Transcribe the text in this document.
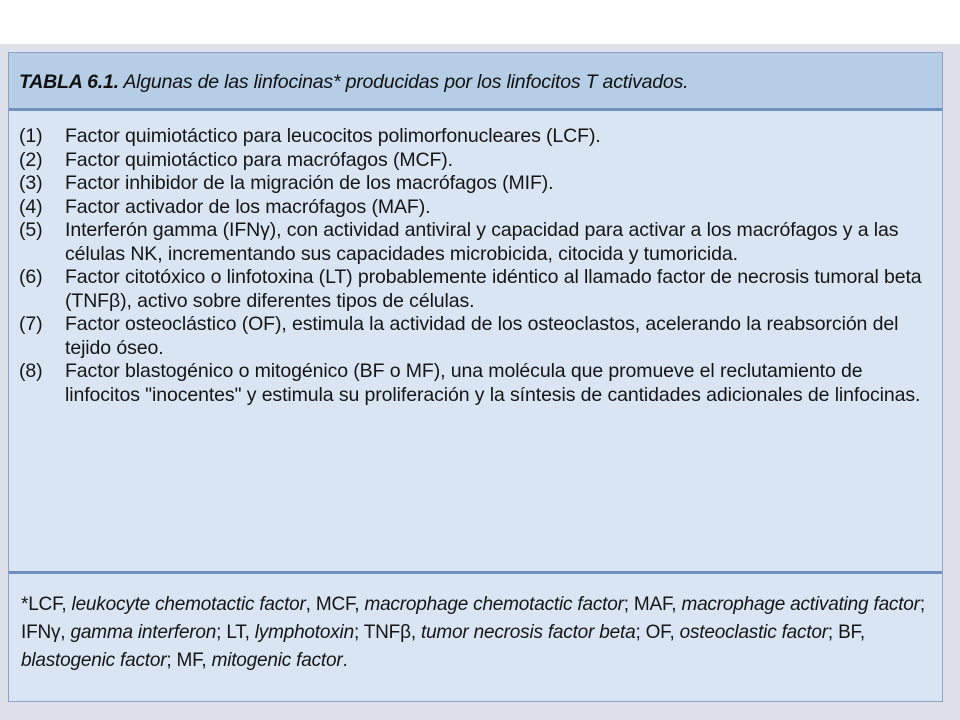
TABLA 6.1. Algunas de las linfocinas* producidas por los linfocitos T activados.
(1)	Factor quimiotáctico para leucocitos polimorfonucleares (LCF).
(2)	Factor quimiotáctico para macrófagos (MCF).
(3)	Factor inhibidor de la migración de los macrófagos (MIF).
(4)	Factor activador de los macrófagos (MAF).
(5)	Interferón gamma (IFNγ), con actividad antiviral y capacidad para activar a los macrófagos y a las células NK, incrementando sus capacidades microbicida, citocida y tumoricida.
(6)	Factor citotóxico o linfotoxina (LT) probablemente idéntico al llamado factor de necrosis tumoral beta (TNFβ), activo sobre diferentes tipos de células.
(7)	Factor osteoclástico (OF), estimula la actividad de los osteoclastos, acelerando la reabsorción del tejido óseo.
(8)	Factor blastogénico o mitogénico (BF o MF), una molécula que promueve el reclutamiento de linfocitos "inocentes" y estimula su proliferación y la síntesis de cantidades adicionales de linfocinas.
*LCF, leukocyte chemotactic factor, MCF, macrophage chemotactic factor; MAF, macrophage activating factor; IFNγ, gamma interferon; LT, lymphotoxin; TNFβ, tumor necrosis factor beta; OF, osteoclastic factor; BF, blastogenic factor; MF, mitogenic factor.
